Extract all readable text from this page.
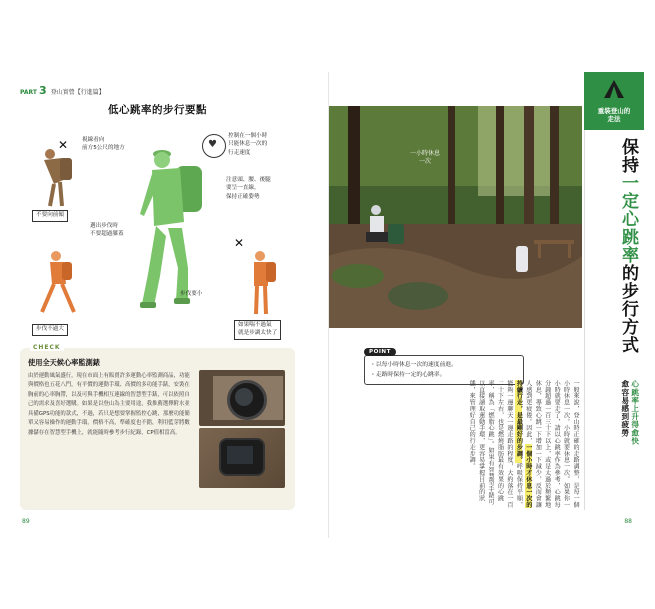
PART 3 登山實營【行進篇】
低心跳率的步行要點
✕
不要向前傾
視線看向
前方5公尺的地方	♥
控制在一個小時
只能休息一次的
行走速度
注意頭、腰、後腿
要呈一直線，
保持正確姿勢
邁出步伐時
不要超過膝蓋
步伐不過大
步伐要小
✕
如果喘不過氣
就是步調太快了
CHECK
使用全天候心率監測錶
由於運動風氣盛行，現在市面上有販賣許多運動心率監測商品，功能與價格也五花八門，有平價的運動手環、高價的多功能手錶，安裝在胸前的心率胸帶，以及可與手機相互連線的智慧型手錶，可以依照自己的需求及喜好選購。如果是以登山為主要用途，我推薦選擇附水並具備GPS功能的款式，不過，若只是想要掌握監控心跳，那麼功能簡單又容易操作的運動手環，價格不高，準確度也不錯，利用藍芽將數據儲存在智慧型手機上，就能隨時參考步行紀錄，CP值相當高。
89
一小時休息一次
POINT
・以每小時休息一次的速度前進。
・走路時保持一定的心跳率。
一般來說，登山時正確的走路調整，是每一個小時休息一次。小時就要休息一次。如果你一小時就要走了，請以心跳率作為參考，心跳每分鐘超過一百三十下以上，或是太過於頻繁地休息，導致心跳一下增加一下減少，反而會讓人感到更疲倦。因此，一個小時才休息一次的持續行走，是最剛好的步調。呼吸保持平順，能夠一邊聊天一邊走路的程度，大約落在一百二十下左右，也是燃燒脂肪最有效果的心跳率，稱為「燃脂心跳」。如果有智慧型手錶可以直接讀取運動手環，更容易掌握目前的狀態，來管理好自己的行走步調。
重裝登山的
走法
保持一定心跳率的步行方式
心跳率上升得愈快
愈容易感到疲勞
88
